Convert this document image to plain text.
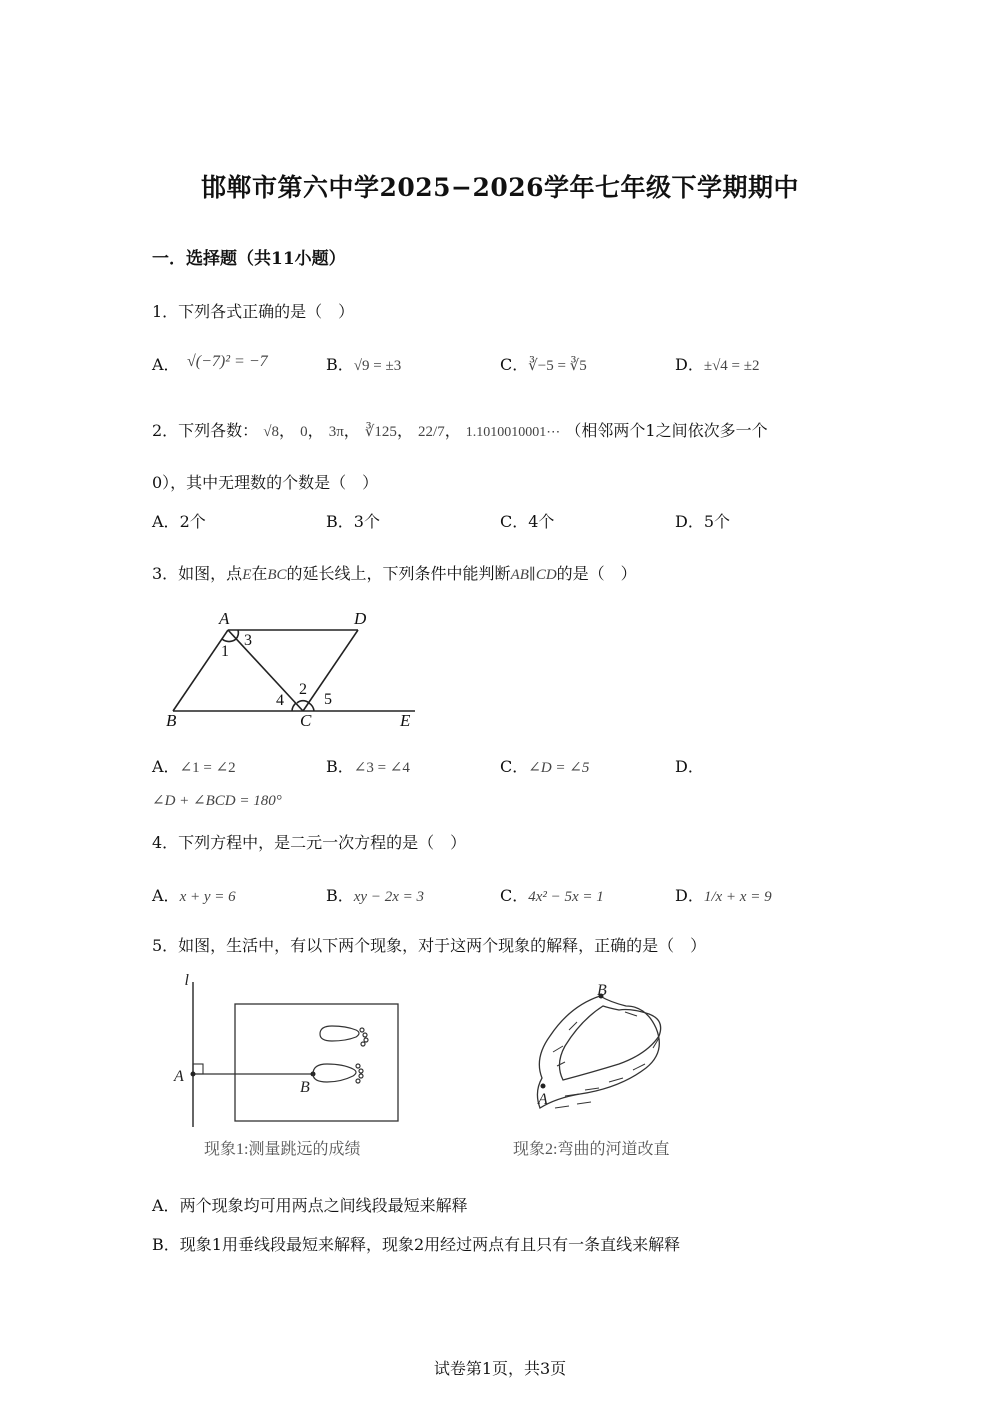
邯郸市第六中学2025−2026学年七年级下学期期中
一．选择题（共11小题）
1．下列各式正确的是（　）
A． √(−7)² = −7	B．√9 = ±3	C．∛−5 = ∛5	D．±√4 = ±2
2．下列各数： √8， 0， 3π， ∛125， 22/7， 1.1010010001⋯ （相邻两个1之间依次多一个
0），其中无理数的个数是（　）
A．2个	B．3个	C．4个	D．5个
3．如图，点E在BC的延长线上，下列条件中能判断AB∥CD的是（　）
A	D
B	C	E
1
2
3
4	5
A．∠1 = ∠2	B．∠3 = ∠4	C．∠D = ∠5	D．
∠D + ∠BCD = 180°
4．下列方程中，是二元一次方程的是（　）
A．x + y = 6	B．xy − 2x = 3	C．4x² − 5x = 1	D．1/x + x = 9
5．如图，生活中，有以下两个现象，对于这两个现象的解释，正确的是（　）
l
A
B
现象1:测量跳远的成绩
B
A
现象2:弯曲的河道改直
A．两个现象均可用两点之间线段最短来解释
B．现象1用垂线段最短来解释，现象2用经过两点有且只有一条直线来解释
试卷第1页，共3页
